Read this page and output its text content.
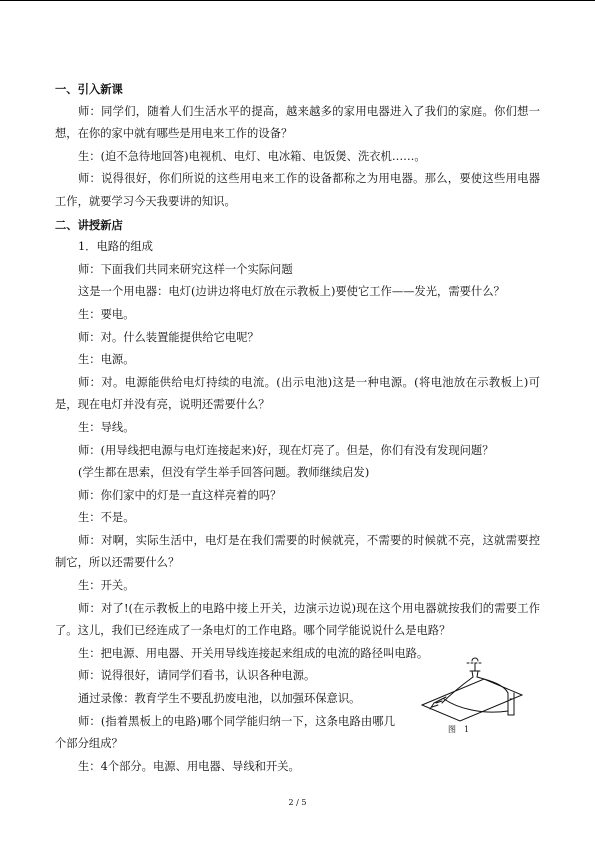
一、引入新课

师：同学们，随着人们生活水平的提高，越来越多的家用电器进入了我们的家庭。你们想一想，在你的家中就有哪些是用电来工作的设备？

生：(迫不急待地回答)电视机、电灯、电冰箱、电饭煲、洗衣机……。

师：说得很好，你们所说的这些用电来工作的设备都称之为用电器。那么，要使这些用电器工作，就要学习今天我要讲的知识。

二、讲授新店

1．电路的组成

师：下面我们共同来研究这样一个实际问题

这是一个用电器：电灯(边讲边将电灯放在示教板上)要使它工作——发光，需要什么？

生：要电。

师：对。什么装置能提供给它电呢？

生：电源。

师：对。电源能供给电灯持续的电流。(出示电池)这是一种电源。(将电池放在示教板上)可是，现在电灯并没有亮，说明还需要什么？

生：导线。

师：(用导线把电源与电灯连接起来)好，现在灯亮了。但是，你们有没有发现问题？

(学生都在思索，但没有学生举手回答问题。教师继续启发)

师：你们家中的灯是一直这样亮着的吗？

生：不是。

师：对啊，实际生活中，电灯是在我们需要的时候就亮，不需要的时候就不亮，这就需要控制它，所以还需要什么？

生：开关。

师：对了!(在示教板上的电路中接上开关，边演示边说)现在这个用电器就按我们的需要工作了。这儿，我们已经连成了一条电灯的工作电路。哪个同学能说说什么是电路？

生：把电源、用电器、开关用导线连接起来组成的电流的路径叫电路。

师：说得很好，请同学们看书，认识各种电源。

通过录像：教育学生不要乱扔废电池，以加强环保意识。

师：(指着黑板上的电路)哪个同学能归纳一下，这条电路由哪几个部分组成？

生：4个部分。电源、用电器、导线和开关。

图　1
2 / 5
